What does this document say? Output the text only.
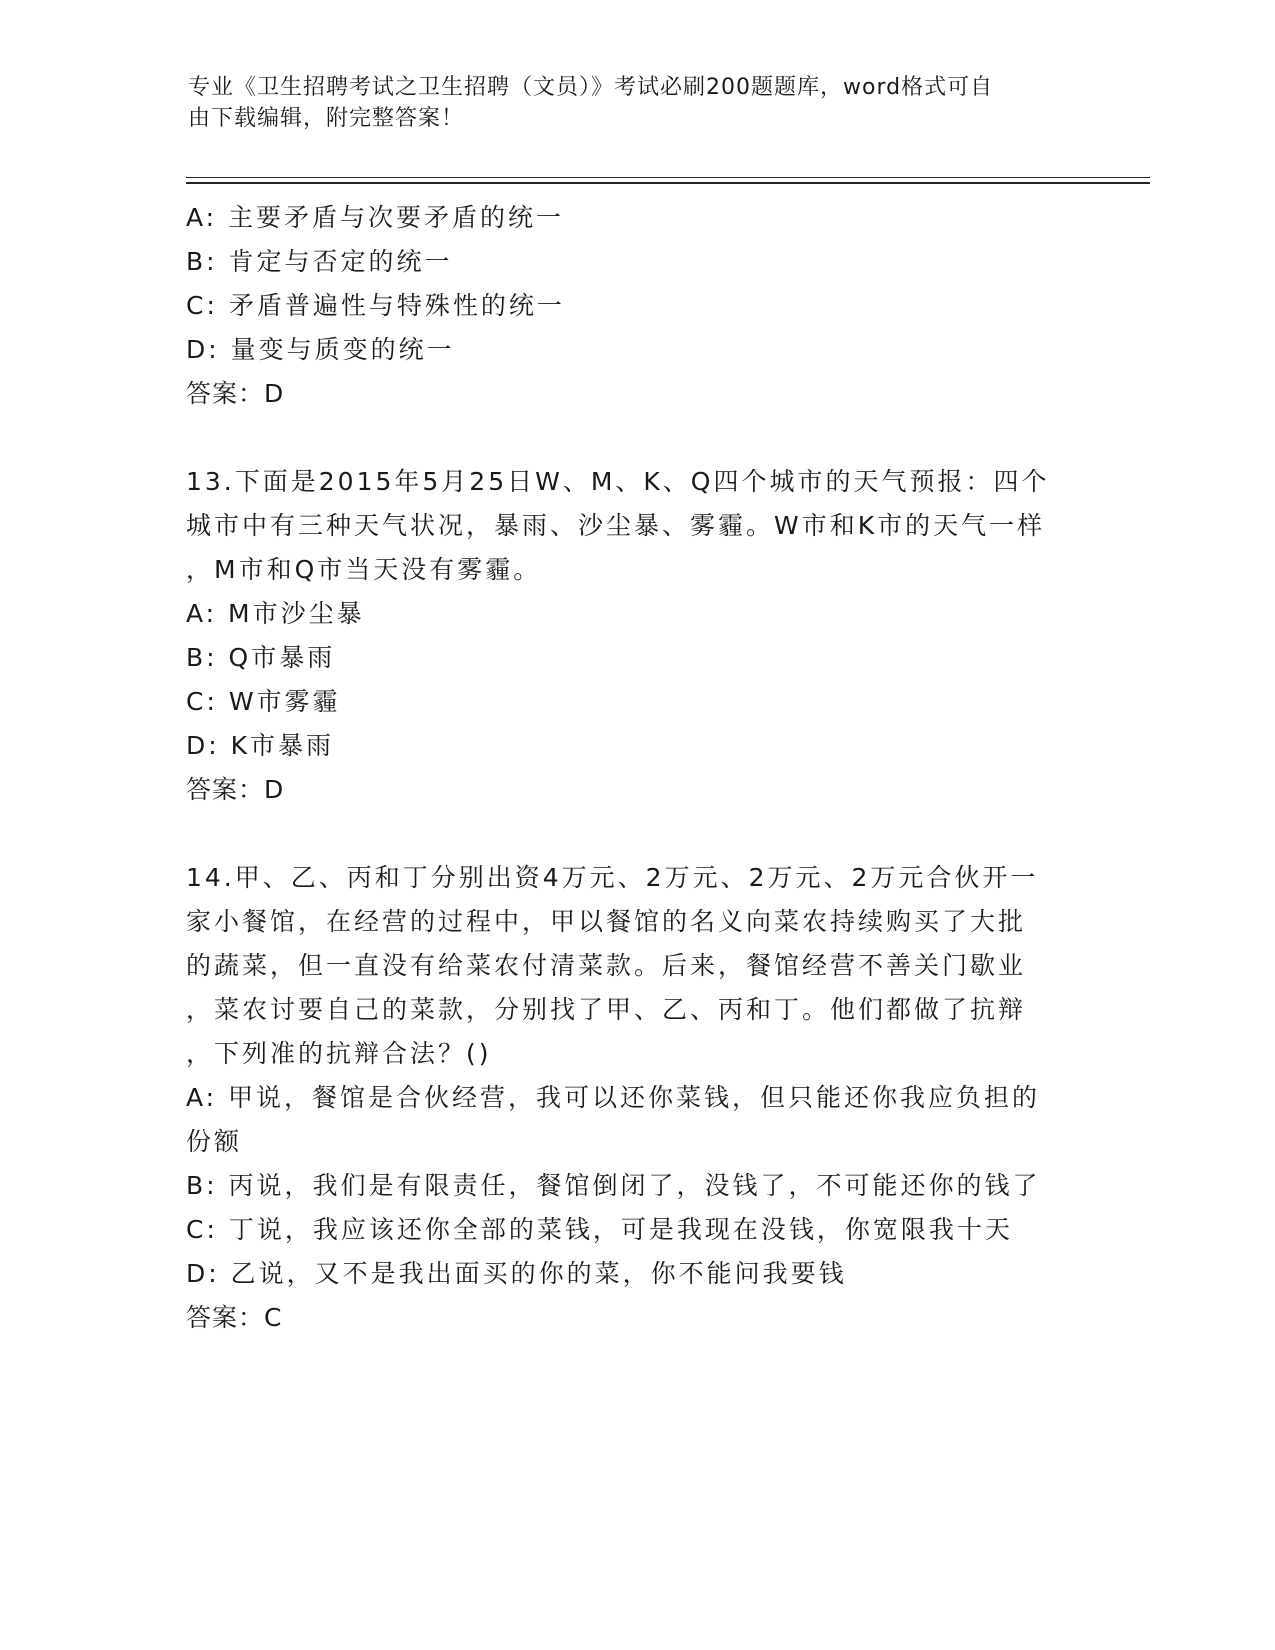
专业《卫生招聘考试之卫生招聘（文员）》考试必刷200题题库，word格式可自
由下载编辑，附完整答案！
A: 主要矛盾与次要矛盾的统一
B: 肯定与否定的统一
C: 矛盾普遍性与特殊性的统一
D: 量变与质变的统一
答案：D
13.下面是2015年5月25日W、M、K、Q四个城市的天气预报：四个
城市中有三种天气状况，暴雨、沙尘暴、雾霾。W市和K市的天气一样
，M市和Q市当天没有雾霾。
A: M市沙尘暴
B: Q市暴雨
C: W市雾霾
D: K市暴雨
答案：D
14.甲、乙、丙和丁分别出资4万元、2万元、2万元、2万元合伙开一
家小餐馆，在经营的过程中，甲以餐馆的名义向菜农持续购买了大批
的蔬菜，但一直没有给菜农付清菜款。后来，餐馆经营不善关门歇业
，菜农讨要自己的菜款，分别找了甲、乙、丙和丁。他们都做了抗辩
，下列准的抗辩合法？()
A: 甲说，餐馆是合伙经营，我可以还你菜钱，但只能还你我应负担的
份额
B: 丙说，我们是有限责任，餐馆倒闭了，没钱了，不可能还你的钱了
C: 丁说，我应该还你全部的菜钱，可是我现在没钱，你宽限我十天
D: 乙说，又不是我出面买的你的菜，你不能问我要钱
答案：C
